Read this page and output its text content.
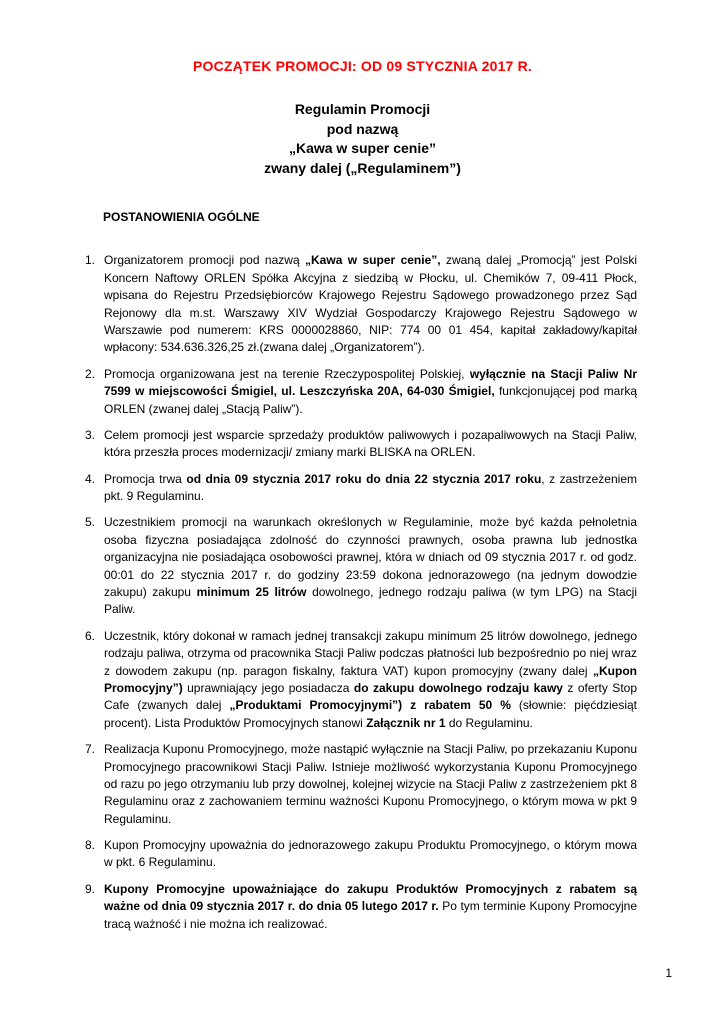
POCZĄTEK PROMOCJI: OD 09 STYCZNIA 2017 R.
Regulamin Promocji
pod nazwą
„Kawa w super cenie”
zwany dalej („Regulaminem”)
POSTANOWIENIA OGÓLNE
1. Organizatorem promocji pod nazwą „Kawa w super cenie”, zwaną dalej „Promocją” jest Polski Koncern Naftowy ORLEN Spółka Akcyjna z siedzibą w Płocku, ul. Chemików 7, 09-411 Płock, wpisana do Rejestru Przedsiębiorców Krajowego Rejestru Sądowego prowadzonego przez Sąd Rejonowy dla m.st. Warszawy XIV Wydział Gospodarczy Krajowego Rejestru Sądowego w Warszawie pod numerem: KRS 0000028860, NIP: 774 00 01 454, kapitał zakładowy/kapitał wpłacony: 534.636.326,25 zł.(zwana dalej „Organizatorem”).
2. Promocja organizowana jest na terenie Rzeczypospolitej Polskiej, wyłącznie na Stacji Paliw Nr 7599 w miejscowości Śmigiel, ul. Leszczyńska 20A, 64-030 Śmigiel, funkcjonującej pod marką ORLEN (zwanej dalej „Stacją Paliw”).
3. Celem promocji jest wsparcie sprzedaży produktów paliwowych i pozapaliwowych na Stacji Paliw, która przeszła proces modernizacji/ zmiany marki BLISKA na ORLEN.
4. Promocja trwa od dnia 09 stycznia 2017 roku do dnia 22 stycznia 2017 roku, z zastrzeżeniem pkt. 9 Regulaminu.
5. Uczestnikiem promocji na warunkach określonych w Regulaminie, może być każda pełnoletnia osoba fizyczna posiadająca zdolność do czynności prawnych, osoba prawna lub jednostka organizacyjna nie posiadająca osobowości prawnej, która w dniach od 09 stycznia 2017 r. od godz. 00:01 do 22 stycznia 2017 r. do godziny 23:59 dokona jednorazowego (na jednym dowodzie zakupu) zakupu minimum 25 litrów dowolnego, jednego rodzaju paliwa (w tym LPG) na Stacji Paliw.
6. Uczestnik, który dokonał w ramach jednej transakcji zakupu minimum 25 litrów dowolnego, jednego rodzaju paliwa, otrzyma od pracownika Stacji Paliw podczas płatności lub bezpośrednio po niej wraz z dowodem zakupu (np. paragon fiskalny, faktura VAT) kupon promocyjny (zwany dalej „Kupon Promocyjny”) uprawniający jego posiadacza do zakupu dowolnego rodzaju kawy z oferty Stop Cafe (zwanych dalej „Produktami Promocyjnymi”) z rabatem 50 % (słownie: pięćdziesiąt procent). Lista Produktów Promocyjnych stanowi Załącznik nr 1 do Regulaminu.
7. Realizacja Kuponu Promocyjnego, może nastąpić wyłącznie na Stacji Paliw, po przekazaniu Kuponu Promocyjnego pracownikowi Stacji Paliw. Istnieje możliwość wykorzystania Kuponu Promocyjnego od razu po jego otrzymaniu lub przy dowolnej, kolejnej wizycie na Stacji Paliw z zastrzeżeniem pkt 8 Regulaminu oraz z zachowaniem terminu ważności Kuponu Promocyjnego, o którym mowa w pkt 9 Regulaminu.
8. Kupon Promocyjny upoważnia do jednorazowego zakupu Produktu Promocyjnego, o którym mowa w pkt. 6 Regulaminu.
9. Kupony Promocyjne upoważniające do zakupu Produktów Promocyjnych z rabatem są ważne od dnia 09 stycznia 2017 r. do dnia 05 lutego 2017 r. Po tym terminie Kupony Promocyjne tracą ważność i nie można ich realizować.
1
